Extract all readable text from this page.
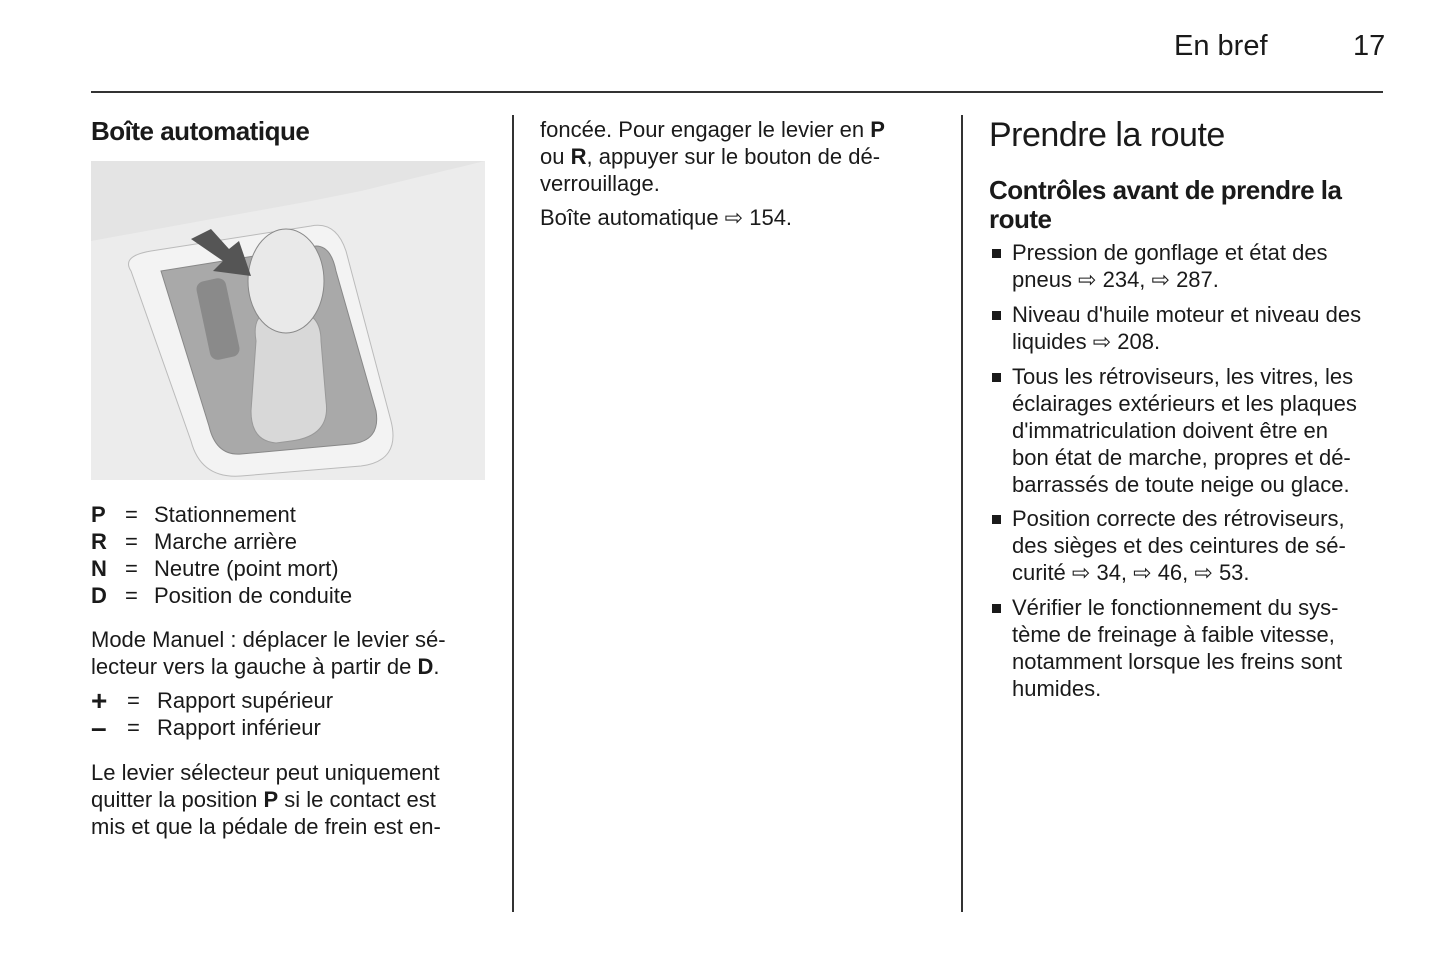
En bref	17
Boîte automatique
P = Stationnement
R = Marche arrière
N = Neutre (point mort)
D = Position de conduite
Mode Manuel : déplacer le levier sé-
lecteur vers la gauche à partir de D.
+ = Rapport supérieur
– = Rapport inférieur
Le levier sélecteur peut uniquement
quitter la position P si le contact est
mis et que la pédale de frein est en-
foncée. Pour engager le levier en P
ou R, appuyer sur le bouton de dé-
verrouillage.
Boîte automatique ⇨ 154.
Prendre la route
Contrôles avant de prendre la
route
Pression de gonflage et état des
pneus ⇨ 234, ⇨ 287.
Niveau d'huile moteur et niveau des
liquides ⇨ 208.
Tous les rétroviseurs, les vitres, les
éclairages extérieurs et les plaques
d'immatriculation doivent être en
bon état de marche, propres et dé-
barrassés de toute neige ou glace.
Position correcte des rétroviseurs,
des sièges et des ceintures de sé-
curité ⇨ 34, ⇨ 46, ⇨ 53.
Vérifier le fonctionnement du sys-
tème de freinage à faible vitesse,
notamment lorsque les freins sont
humides.
